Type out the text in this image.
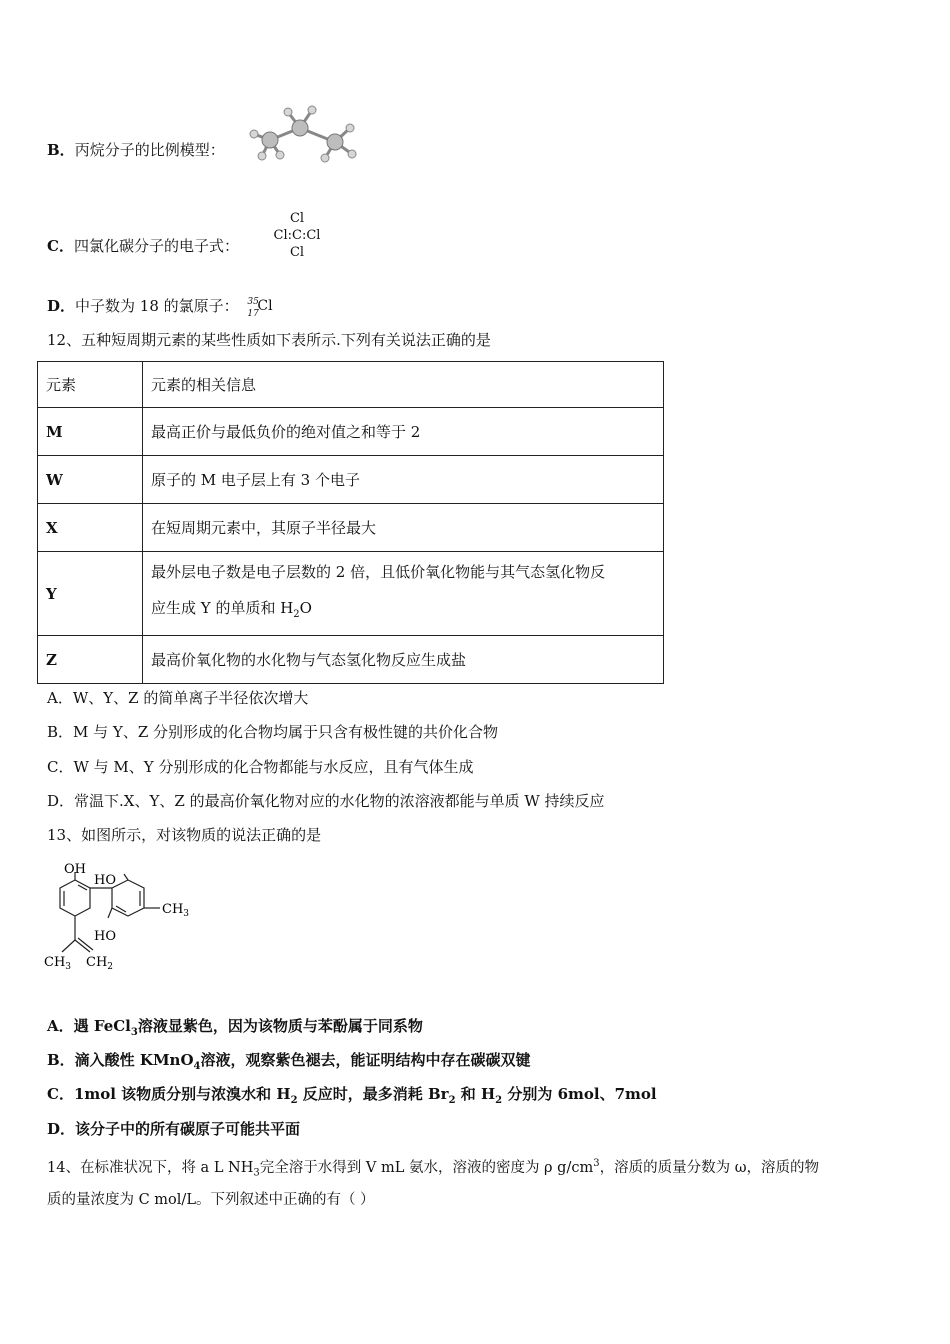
B．丙烷分子的比例模型：
C．四氯化碳分子的电子式：
Cl
Cl:C:Cl
Cl
D．中子数为 18 的氯原子： 35
17
Cl
12、五种短周期元素的某些性质如下表所示.下列有关说法正确的是
元素	元素的相关信息
M	最高正价与最低负价的绝对值之和等于 2
W	原子的 M 电子层上有 3 个电子
X	在短周期元素中，其原子半径最大
Y	最外层电子数是电子层数的 2 倍，且低价氧化物能与其气态氢化物反
应生成 Y 的单质和 $H_2O$

Z	最高价氧化物的水化物与气态氢化物反应生成盐
A．W、Y、Z 的简单离子半径依次增大
B．M 与 Y、Z 分别形成的化合物均属于只含有极性键的共价化合物
C．W 与 M、Y 分别形成的化合物都能与水反应，且有气体生成
D．常温下.X、Y、Z 的最高价氧化物对应的水化物的浓溶液都能与单质 W 持续反应
13、如图所示，对该物质的说法正确的是
OH
HO
HO
$CH_3$
$CH_3$ $CH_2$
A．遇 FeCl$_3$溶液显紫色，因为该物质与苯酚属于同系物
B．滴入酸性 KMnO$_4$溶液，观察紫色褪去，能证明结构中存在碳碳双键
C．1mol 该物质分别与浓溴水和 $H_2$ 反应时，最多消耗 $Br_2$ 和 $H_2$ 分别为 6mol、7mol
D．该分子中的所有碳原子可能共平面
14、在标准状况下，将 a L $NH_3$完全溶于水得到 V mL 氨水，溶液的密度为 ρ $g/cm^3$，溶质的质量分数为 ω，溶质的物
质的量浓度为 C mol/L。下列叙述中正确的有（ ）
